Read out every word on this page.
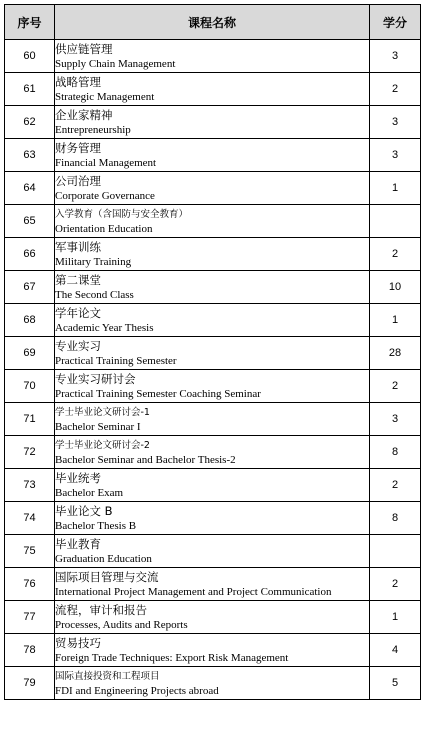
序号	课程名称	学分
60	供应链管理
Supply Chain Management	3
61	战略管理
Strategic Management	2
62	企业家精神
Entrepreneurship	3
63	财务管理
Financial Management	3
64	公司治理
Corporate Governance	1
65	入学教育（含国防与安全教育）
Orientation Education	

66	军事训练
Military Training	2
67	第二课堂
The Second Class	10
68	学年论文
Academic Year Thesis	1
69	专业实习
Practical Training Semester	28
70	专业实习研讨会
Practical Training Semester Coaching Seminar	2
71	学士毕业论文研讨会-1
Bachelor Seminar I	3
72	学士毕业论文研讨会-2
Bachelor Seminar and Bachelor Thesis-2	8
73	毕业统考
Bachelor Exam	2
74	毕业论文 B
Bachelor Thesis B	8
75	毕业教育
Graduation Education	

76	国际项目管理与交流
International Project Management and Project Communication	2
77	流程，审计和报告
Processes, Audits and Reports	1
78	贸易技巧
Foreign Trade Techniques: Export Risk Management	4
79	国际直接投资和工程项目
FDI and Engineering Projects abroad	5
